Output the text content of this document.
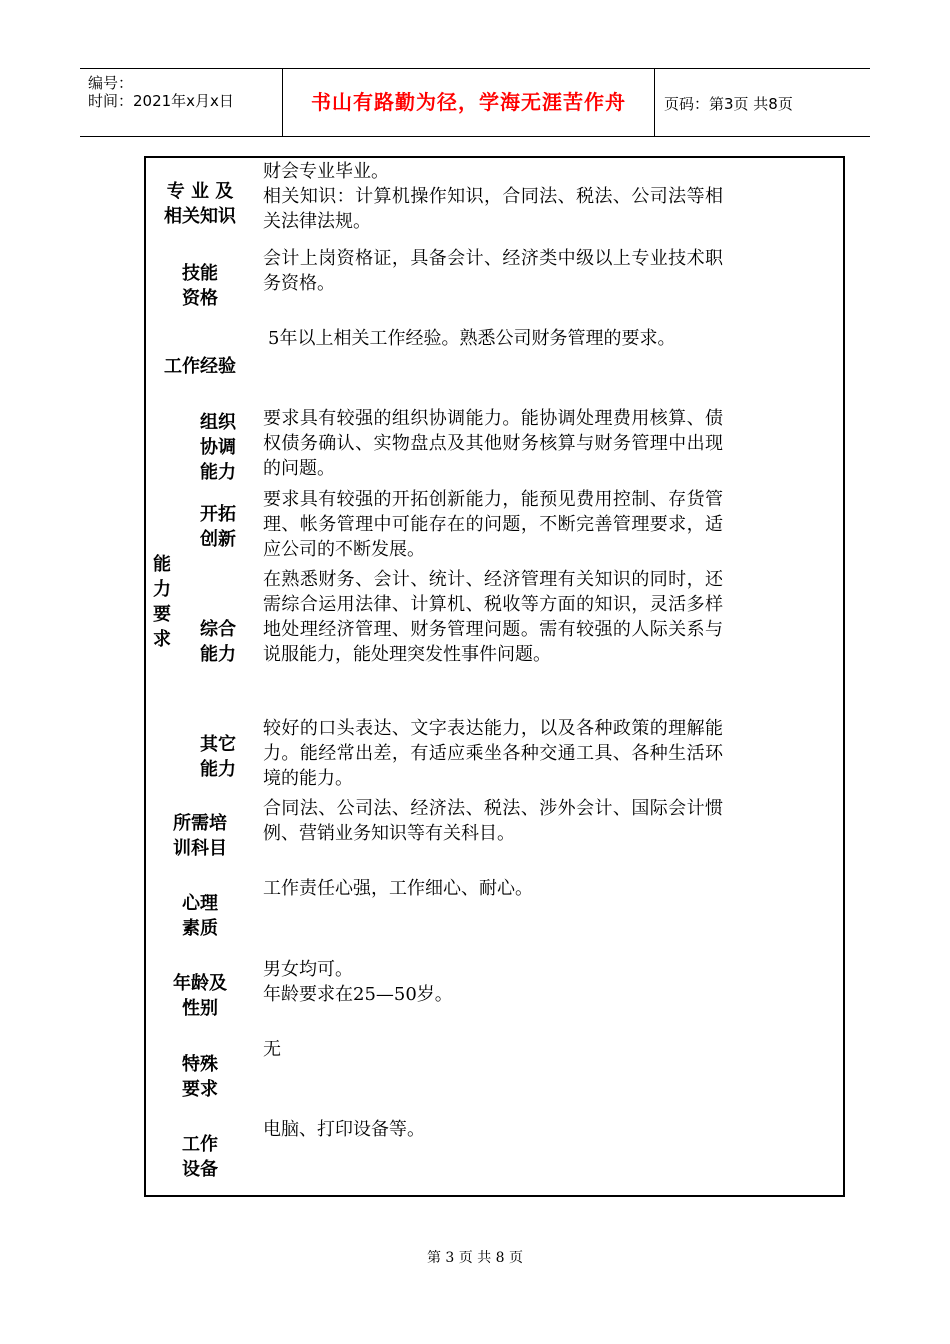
编号：
时间：2021年x月x日	书山有路勤为径，学海无涯苦作舟	页码：第3页 共8页
专 业 及
相关知识

财会专业毕业。

相关知识：计算机操作知识，合同法、税法、公司法等相关法律法规。

技能
资格

会计上岗资格证，具备会计、经济类中级以上专业技术职务资格。

工作经验

5年以上相关工作经验。熟悉公司财务管理的要求。

能
力
要
求
组织
协调
能力

要求具有较强的组织协调能力。能协调处理费用核算、债权债务确认、实物盘点及其他财务核算与财务管理中出现的问题。

开拓
创新

要求具有较强的开拓创新能力，能预见费用控制、存货管理、帐务管理中可能存在的问题，不断完善管理要求，适应公司的不断发展。

综合
能力

在熟悉财务、会计、统计、经济管理有关知识的同时，还需综合运用法律、计算机、税收等方面的知识，灵活多样地处理经济管理、财务管理问题。需有较强的人际关系与说服能力，能处理突发性事件问题。

其它
能力

较好的口头表达、文字表达能力，以及各种政策的理解能力。能经常出差，有适应乘坐各种交通工具、各种生活环境的能力。

所需培
训科目

合同法、公司法、经济法、税法、涉外会计、国际会计惯例、营销业务知识等有关科目。

心理
素质

工作责任心强，工作细心、耐心。

年龄及
性别

男女均可。

年龄要求在25—50岁。

特殊
要求

无

工作
设备

电脑、打印设备等。

第 3 页 共 8 页
